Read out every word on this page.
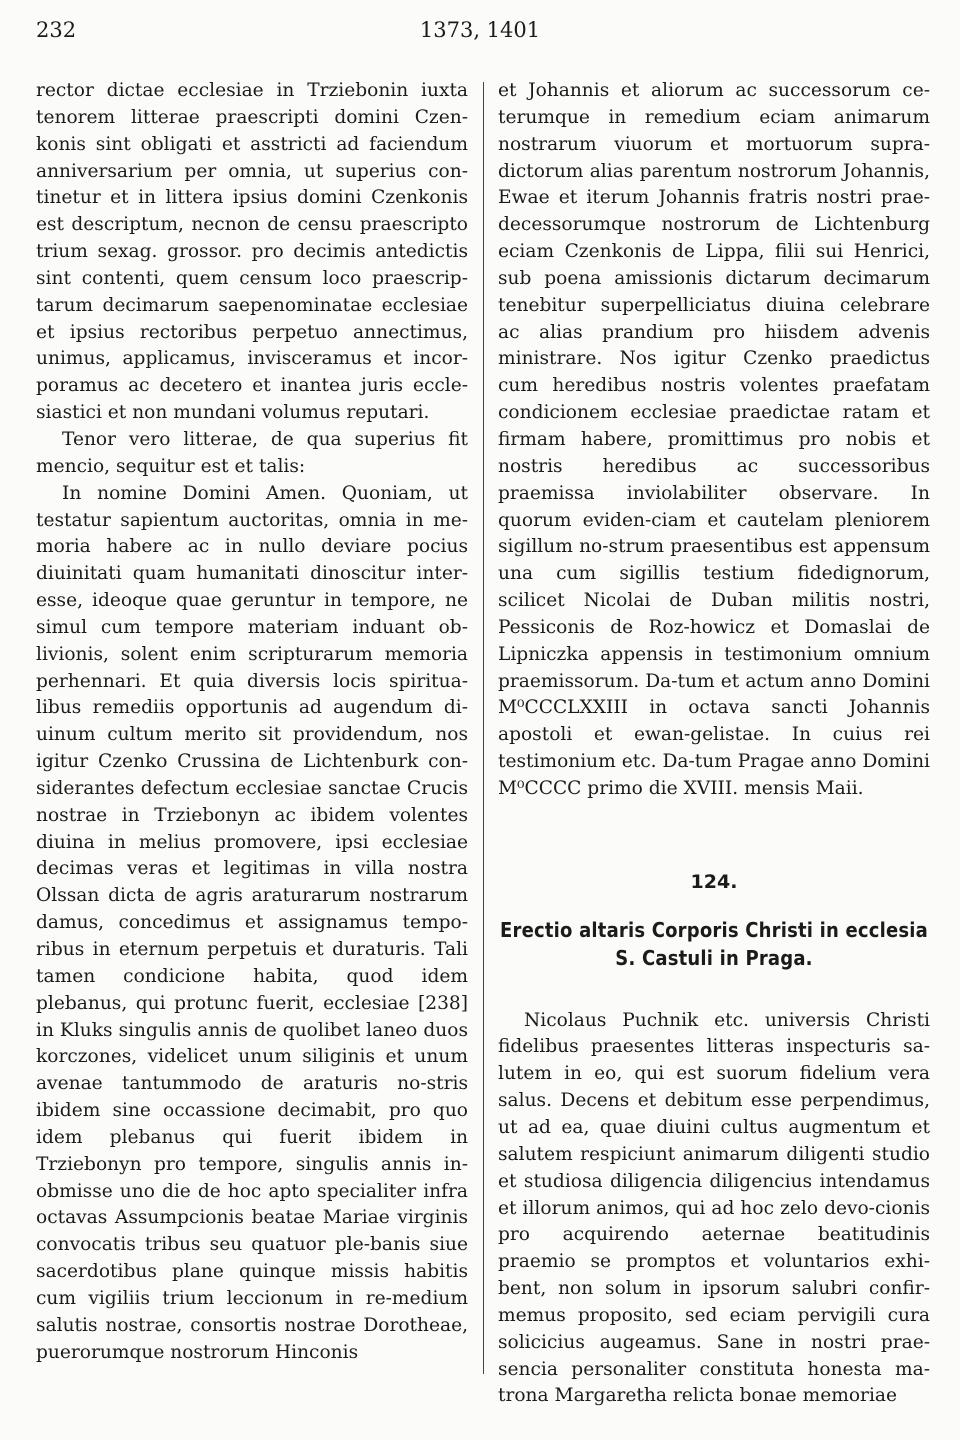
232	1373, 1401

rector dictae ecclesiae in Trziebonin iuxta tenorem litterae praescripti domini Czen-konis sint obligati et asstricti ad faciendum anniversarium per omnia, ut superius con-tinetur et in littera ipsius domini Czenkonis est descriptum, necnon de censu praescripto trium sexag. grossor. pro decimis antedictis sint contenti, quem censum loco praescrip-tarum decimarum saepenominatae ecclesiae et ipsius rectoribus perpetuo annectimus, unimus, applicamus, invisceramus et incor-poramus ac decetero et inantea juris eccle-siastici et non mundani volumus reputari.

Tenor vero litterae, de qua superius fit mencio, sequitur est et talis:

In nomine Domini Amen. Quoniam, ut testatur sapientum auctoritas, omnia in me-moria habere ac in nullo deviare pocius diuinitati quam humanitati dinoscitur inter-esse, ideoque quae geruntur in tempore, ne simul cum tempore materiam induant ob-livionis, solent enim scripturarum memoria perhennari. Et quia diversis locis spiritua-libus remediis opportunis ad augendum di-uinum cultum merito sit providendum, nos igitur Czenko Crussina de Lichtenburk con-siderantes defectum ecclesiae sanctae Crucis nostrae in Trziebonyn ac ibidem volentes diuina in melius promovere, ipsi ecclesiae decimas veras et legitimas in villa nostra Olssan dicta de agris araturarum nostrarum damus, concedimus et assignamus tempo-ribus in eternum perpetuis et duraturis. Tali tamen condicione habita, quod idem plebanus, qui protunc fuerit, ecclesiae [238] in Kluks singulis annis de quolibet laneo duos korczones, videlicet unum siliginis et unum avenae tantummodo de araturis no-stris ibidem sine occassione decimabit, pro quo idem plebanus qui fuerit ibidem in Trziebonyn pro tempore, singulis annis in-obmisse uno die de hoc apto specialiter infra octavas Assumpcionis beatae Mariae virginis convocatis tribus seu quatuor ple-banis siue sacerdotibus plane quinque missis habitis cum vigiliis trium leccionum in re-medium salutis nostrae, consortis nostrae Dorotheae, puerorumque nostrorum Hinconis

et Johannis et aliorum ac successorum ce-terumque in remedium eciam animarum nostrarum viuorum et mortuorum supra-dictorum alias parentum nostrorum Johannis, Ewae et iterum Johannis fratris nostri prae-decessorumque nostrorum de Lichtenburg eciam Czenkonis de Lippa, filii sui Henrici, sub poena amissionis dictarum decimarum tenebitur superpelliciatus diuina celebrare ac alias prandium pro hiisdem advenis ministrare. Nos igitur Czenko praedictus cum heredibus nostris volentes praefatam condicionem ecclesiae praedictae ratam et firmam habere, promittimus pro nobis et nostris heredibus ac successoribus praemissa inviolabiliter observare. In quorum eviden-ciam et cautelam pleniorem sigillum no-strum praesentibus est appensum una cum sigillis testium fidedignorum, scilicet Nicolai de Duban militis nostri, Pessiconis de Roz-howicz et Domaslai de Lipniczka appensis in testimonium omnium praemissorum. Da-tum et actum anno Domini M⁰CCCLXXIII in octava sancti Johannis apostoli et ewan-gelistae. In cuius rei testimonium etc. Da-tum Pragae anno Domini M⁰CCCC primo die XVIII. mensis Maii.

124.
Erectio altaris Corporis Christi in ecclesia
S. Castuli in Praga.

Nicolaus Puchnik etc. universis Christi fidelibus praesentes litteras inspecturis sa-lutem in eo, qui est suorum fidelium vera salus. Decens et debitum esse perpendimus, ut ad ea, quae diuini cultus augmentum et salutem respiciunt animarum diligenti studio et studiosa diligencia diligencius intendamus et illorum animos, qui ad hoc zelo devo-cionis pro acquirendo aeternae beatitudinis praemio se promptos et voluntarios exhi-bent, non solum in ipsorum salubri confir-memus proposito, sed eciam pervigili cura solicicius augeamus. Sane in nostri prae-sencia personaliter constituta honesta ma-trona Margaretha relicta bonae memoriae
